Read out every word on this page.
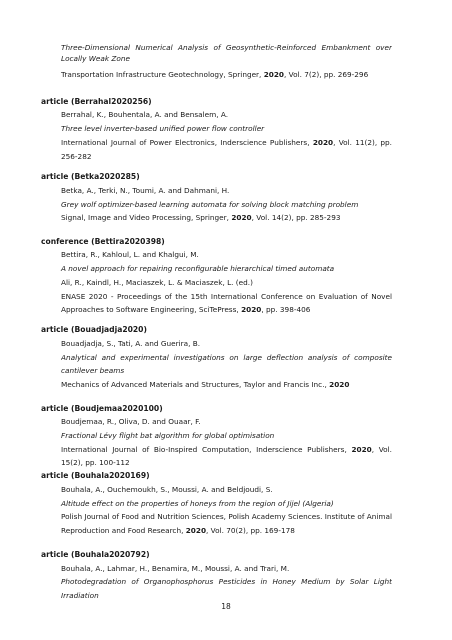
Three-Dimensional Numerical Analysis of Geosynthetic-Reinforced Embankment over
Locally Weak Zone
Transportation Infrastructure Geotechnology, Springer, 2020, Vol. 7(2), pp. 269-296
article (Berrahal2020256)
Berrahal, K., Bouhentala, A. and Bensalem, A.
Three level inverter-based unified power flow controller
International Journal of Power Electronics, Inderscience Publishers, 2020, Vol. 11(2), pp.
256-282
article (Betka2020285)
Betka, A., Terki, N., Toumi, A. and Dahmani, H.
Grey wolf optimizer-based learning automata for solving block matching problem
Signal, Image and Video Processing, Springer, 2020, Vol. 14(2), pp. 285-293
conference (Bettira2020398)
Bettira, R., Kahloul, L. and Khalgui, M.
A novel approach for repairing reconfigurable hierarchical timed automata
Ali, R., Kaindl, H., Maciaszek, L. & Maciaszek, L. (ed.)
ENASE 2020 - Proceedings of the 15th International Conference on Evaluation of Novel
Approaches to Software Engineering, SciTePress, 2020, pp. 398-406
article (Bouadjadja2020)
Bouadjadja, S., Tati, A. and Guerira, B.
Analytical and experimental investigations on large deflection analysis of composite
cantilever beams
Mechanics of Advanced Materials and Structures, Taylor and Francis Inc., 2020
article (Boudjemaa2020100)
Boudjemaa, R., Oliva, D. and Ouaar, F.
Fractional Lévy flight bat algorithm for global optimisation
International Journal of Bio-Inspired Computation, Inderscience Publishers, 2020, Vol.
15(2), pp. 100-112
article (Bouhala2020169)
Bouhala, A., Ouchemoukh, S., Moussi, A. and Beldjoudi, S.
Altitude effect on the properties of honeys from the region of Jijel (Algeria)
Polish Journal of Food and Nutrition Sciences, Polish Academy Sciences. Institute of Animal
Reproduction and Food Research, 2020, Vol. 70(2), pp. 169-178
article (Bouhala2020792)
Bouhala, A., Lahmar, H., Benamira, M., Moussi, A. and Trari, M.
Photodegradation of Organophosphorus Pesticides in Honey Medium by Solar Light
Irradiation
18
